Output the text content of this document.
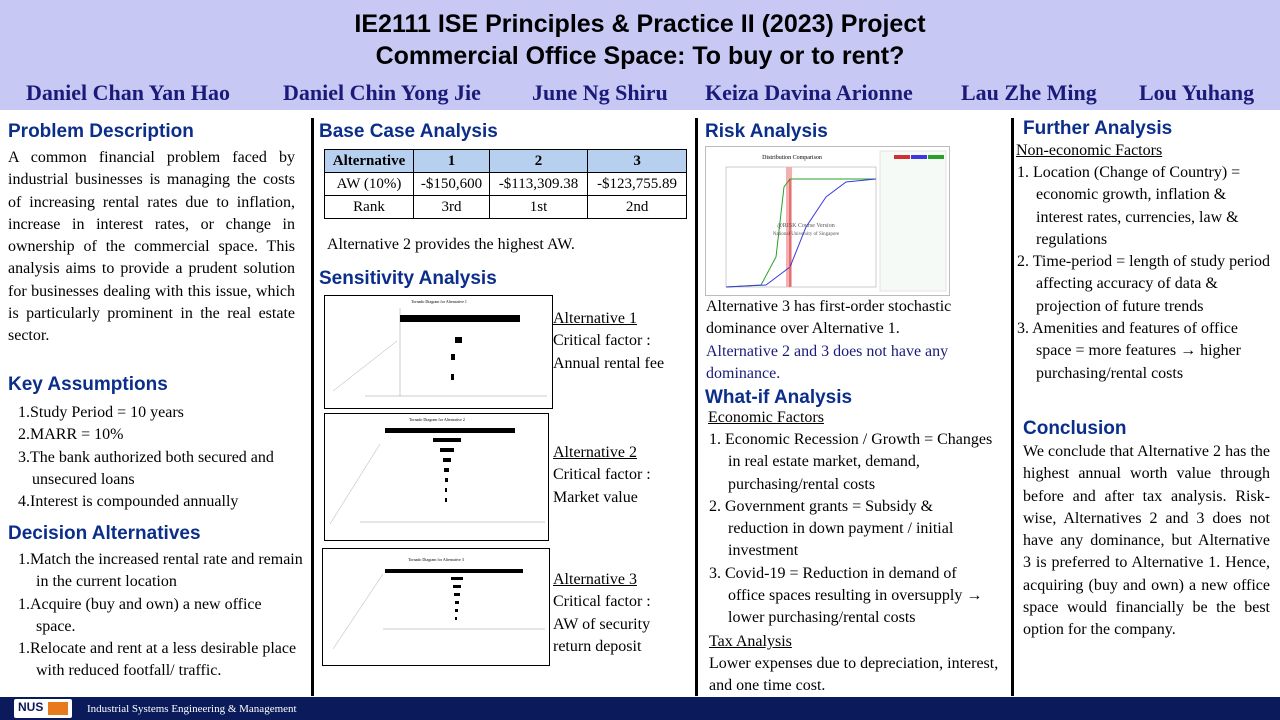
IE2111 ISE Principles & Practice II (2023) Project
Commercial Office Space: To buy or to rent?
Daniel Chan Yan Hao Daniel Chin Yong Jie June Ng Shiru Keiza Davina Arionne Lau Zhe Ming Lou Yuhang
Problem Description
A common financial problem faced by industrial businesses is managing the costs of increasing rental rates due to inflation, increase in interest rates, or change in ownership of the commercial space. This analysis aims to provide a prudent solution for businesses dealing with this issue, which is particularly prominent in the real estate sector.
Key Assumptions
1.Study Period = 10 years
2.MARR = 10%
3.The bank authorized both secured and unsecured loans
4.Interest is compounded annually
Decision Alternatives
1.Match the increased rental rate and remain in the current location
1.Acquire (buy and own) a new office space.
1.Relocate and rent at a less desirable place with reduced footfall/ traffic.
Base Case Analysis
Alternative	1	2	3
AW (10%)	-$150,600	-$113,309.38	-$123,755.89
Rank	3rd	1st	2nd
Alternative 2 provides the highest AW.
Sensitivity Analysis
Tornado Diagram for Alternative 1
Alternative 1
Critical factor :
Annual rental fee
Tornado Diagram for Alternative 2
Alternative 2
Critical factor :
Market value
Tornado Diagram for Alternative 3
Alternative 3
Critical factor :
AW of security
return deposit
Risk Analysis
Distribution Comparison
@RISK Course Version
National University of Singapore
Alternative 3 has first-order stochastic dominance over Alternative 1.
Alternative 2 and 3 does not have any dominance.
What-if Analysis
Economic Factors
1. Economic Recession / Growth = Changes in real estate market, demand, purchasing/rental costs
2. Government grants = Subsidy & reduction in down payment / initial investment
3. Covid-19 = Reduction in demand of office spaces resulting in oversupply → lower purchasing/rental costs
Tax Analysis
Lower expenses due to depreciation, interest, and one time cost.
Further Analysis
Non-economic Factors
1. Location (Change of Country) = economic growth, inflation & interest rates, currencies, law & regulations
2. Time-period = length of study period affecting accuracy of data & projection of future trends
3. Amenities and features of office space = more features → higher purchasing/rental costs
Conclusion
We conclude that Alternative 2 has the highest annual worth value through before and after tax analysis. Risk-wise, Alternatives 2 and 3 does not have any dominance, but Alternative 3 is preferred to Alternative 1. Hence, acquiring (buy and own) a new office space would financially be the best option for the company.
NUS	Industrial Systems Engineering & Management
